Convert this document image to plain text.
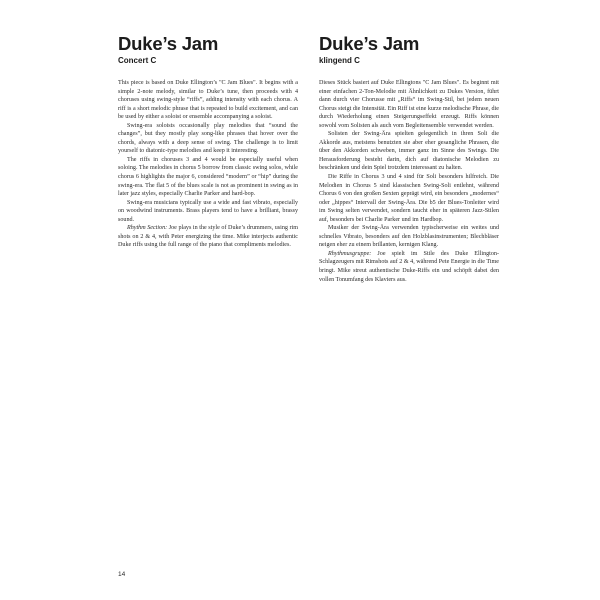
Duke’s Jam
Concert C

This piece is based on Duke Ellington’s "C Jam Blues". It begins with a simple 2-note melody, similar to Duke’s tune, then proceeds with 4 choruses using swing-style “riffs”, adding intensity with each chorus. A riff is a short melodic phrase that is repeated to build excitement, and can be used by either a soloist or ensemble accompanying a soloist.

Swing-era soloists occasionally play melodies that “sound the changes”, but they mostly play song-like phrases that hover over the chords, always with a deep sense of swing. The challenge is to limit yourself to diatonic-type melodies and keep it interesting.

The riffs in choruses 3 and 4 would be especially useful when soloing. The melodies in chorus 5 borrow from classic swing solos, while chorus 6 highlights the major 6, considered “modern” or “hip” during the swing-era. The flat 5 of the blues scale is not as prominent in swing as in later jazz styles, especially Charlie Parker and hard-bop.

Swing-era musicians typically use a wide and fast vibrato, especially on woodwind instruments. Brass players tend to have a brilliant, brassy sound.

Rhythm Section: Joe plays in the style of Duke’s drummers, using rim shots on 2 & 4, with Peter energizing the time. Mike interjects authentic Duke riffs using the full range of the piano that compliments melodies.

Duke’s Jam
klingend C

Dieses Stück basiert auf Duke Ellingtons "C Jam Blues". Es beginnt mit einer einfachen 2-Ton-Melodie mit Ähnlichkeit zu Dukes Version, führt dann durch vier Chorusse mit „Riffs“ im Swing-Stil, bei jedem neuen Chorus steigt die Intensität. Ein Riff ist eine kurze melodische Phrase, die durch Wiederholung einen Steigerungseffekt erzeugt. Riffs können sowohl vom Solisten als auch vom Begleitensemble verwendet werden.

Solisten der Swing-Ära spielten gelegentlich in ihren Soli die Akkorde aus, meistens benutzten sie aber eher gesangliche Phrasen, die über den Akkorden schweben, immer ganz im Sinne des Swings. Die Herausforderung besteht darin, dich auf diatonische Melodien zu beschränken und dein Spiel trotzdem interessant zu halten.

Die Riffe in Chorus 3 und 4 sind für Soli besonders hilfreich. Die Melodien in Chorus 5 sind klassischen Swing-Soli entlehnt, während Chorus 6 von den großen Sexten geprägt wird, ein besonders „modernes“ oder „hippes“ Intervall der Swing-Ära. Die b5 der Blues-Tonleiter wird im Swing selten verwendet, sondern taucht eher in späteren Jazz-Stilen auf, besonders bei Charlie Parker und im Hardbop.

Musiker der Swing-Ära verwenden typischerweise ein weites und schnelles Vibrato, besonders auf den Holzblasinstrumenten; Blechbläser neigen eher zu einem brillanten, kernigen Klang.

Rhythmusgruppe: Joe spielt im Stile des Duke Ellington-Schlagzeugers mit Rimshots auf 2 & 4, während Pete Energie in die Time bringt. Mike streut authentische Duke-Riffs ein und schöpft dabei den vollen Tonumfang des Klaviers aus.

14
